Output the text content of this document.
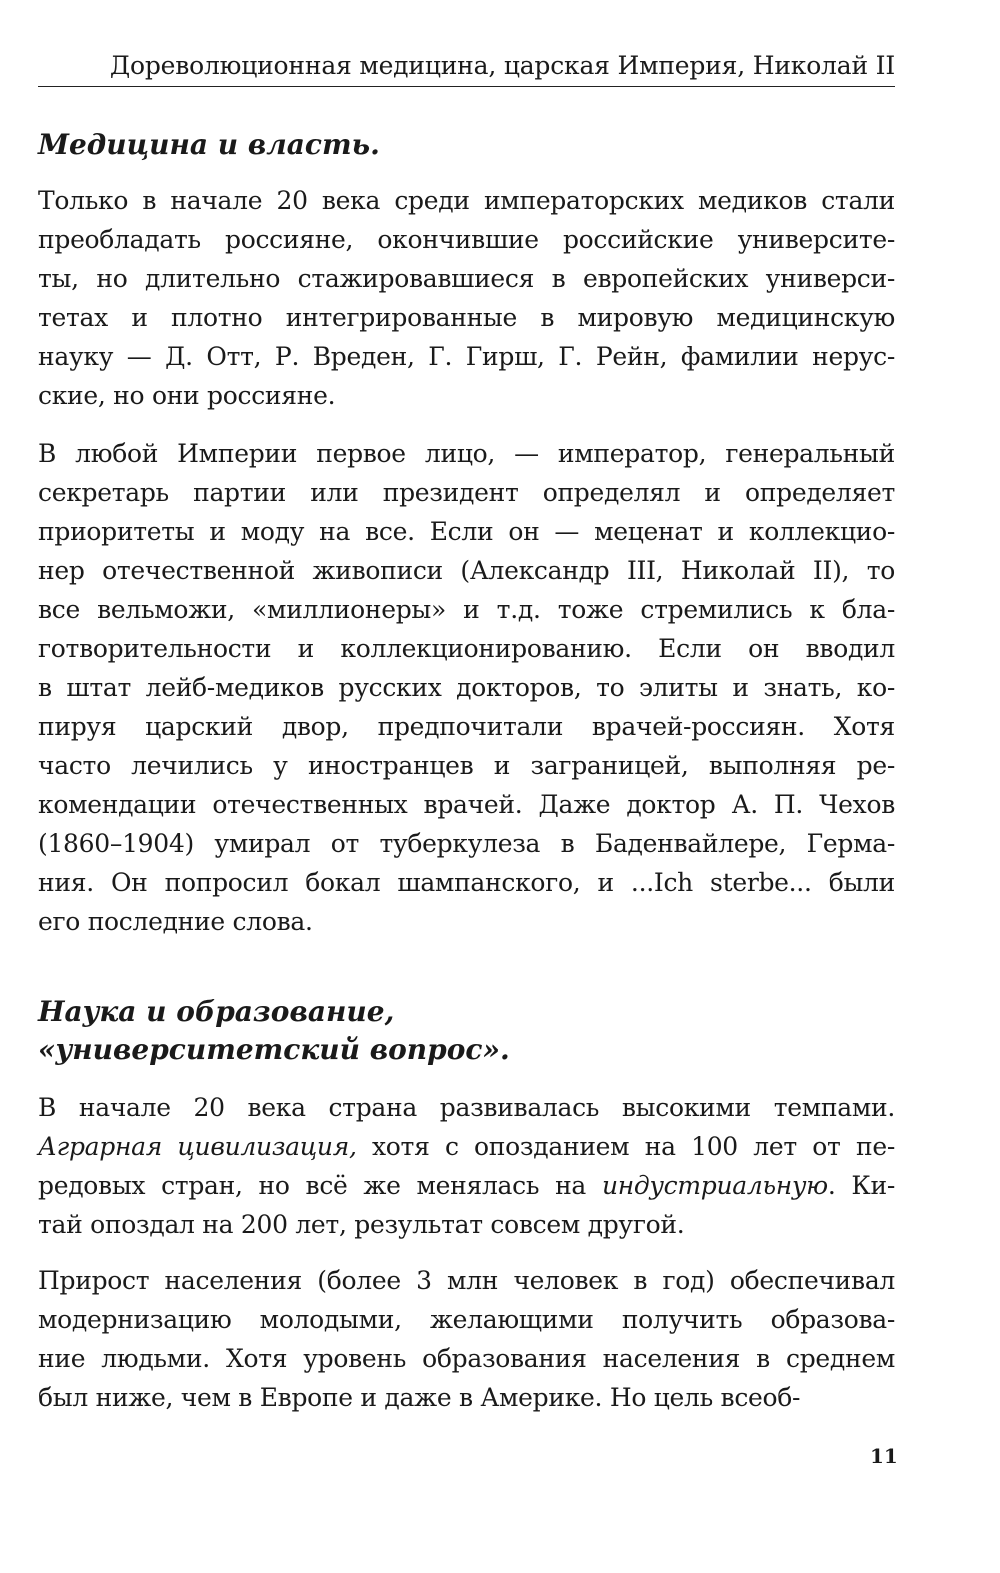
Дореволюционная медицина, царская Империя, Николай II
Медицина и власть.
Только в начале 20 века среди императорских медиков стали
преобладать россияне, окончившие российские университе-
ты, но длительно стажировавшиеся в европейских универси-
тетах и плотно интегрированные в мировую медицинскую
науку — Д. Отт, Р. Вреден, Г. Гирш, Г. Рейн, фамилии нерус-
ские, но они россияне.
В любой Империи первое лицо, — император, генеральный
секретарь партии или президент определял и определяет
приоритеты и моду на все. Если он — меценат и коллекцио-
нер отечественной живописи (Александр III, Николай II), то
все вельможи, «миллионеры» и т.д. тоже стремились к бла-
готворительности и коллекционированию. Если он вводил
в штат лейб-медиков русских докторов, то элиты и знать, ко-
пируя царский двор, предпочитали врачей-россиян. Хотя
часто лечились у иностранцев и заграницей, выполняя ре-
комендации отечественных врачей. Даже доктор А. П. Чехов
(1860–1904) умирал от туберкулеза в Баденвайлере, Герма-
ния. Он попросил бокал шампанского, и ...Ich sterbe... были
его последние слова.
Наука и образование,
«университетский вопрос».
В начале 20 века страна развивалась высокими темпами.
Аграрная цивилизация, хотя с опозданием на 100 лет от пе-
редовых стран, но всё же менялась на индустриальную. Ки-
тай опоздал на 200 лет, результат совсем другой.
Прирост населения (более 3 млн человек в год) обеспечивал
модернизацию молодыми, желающими получить образова-
ние людьми. Хотя уровень образования населения в среднем
был ниже, чем в Европе и даже в Америке. Но цель всеоб-
11
